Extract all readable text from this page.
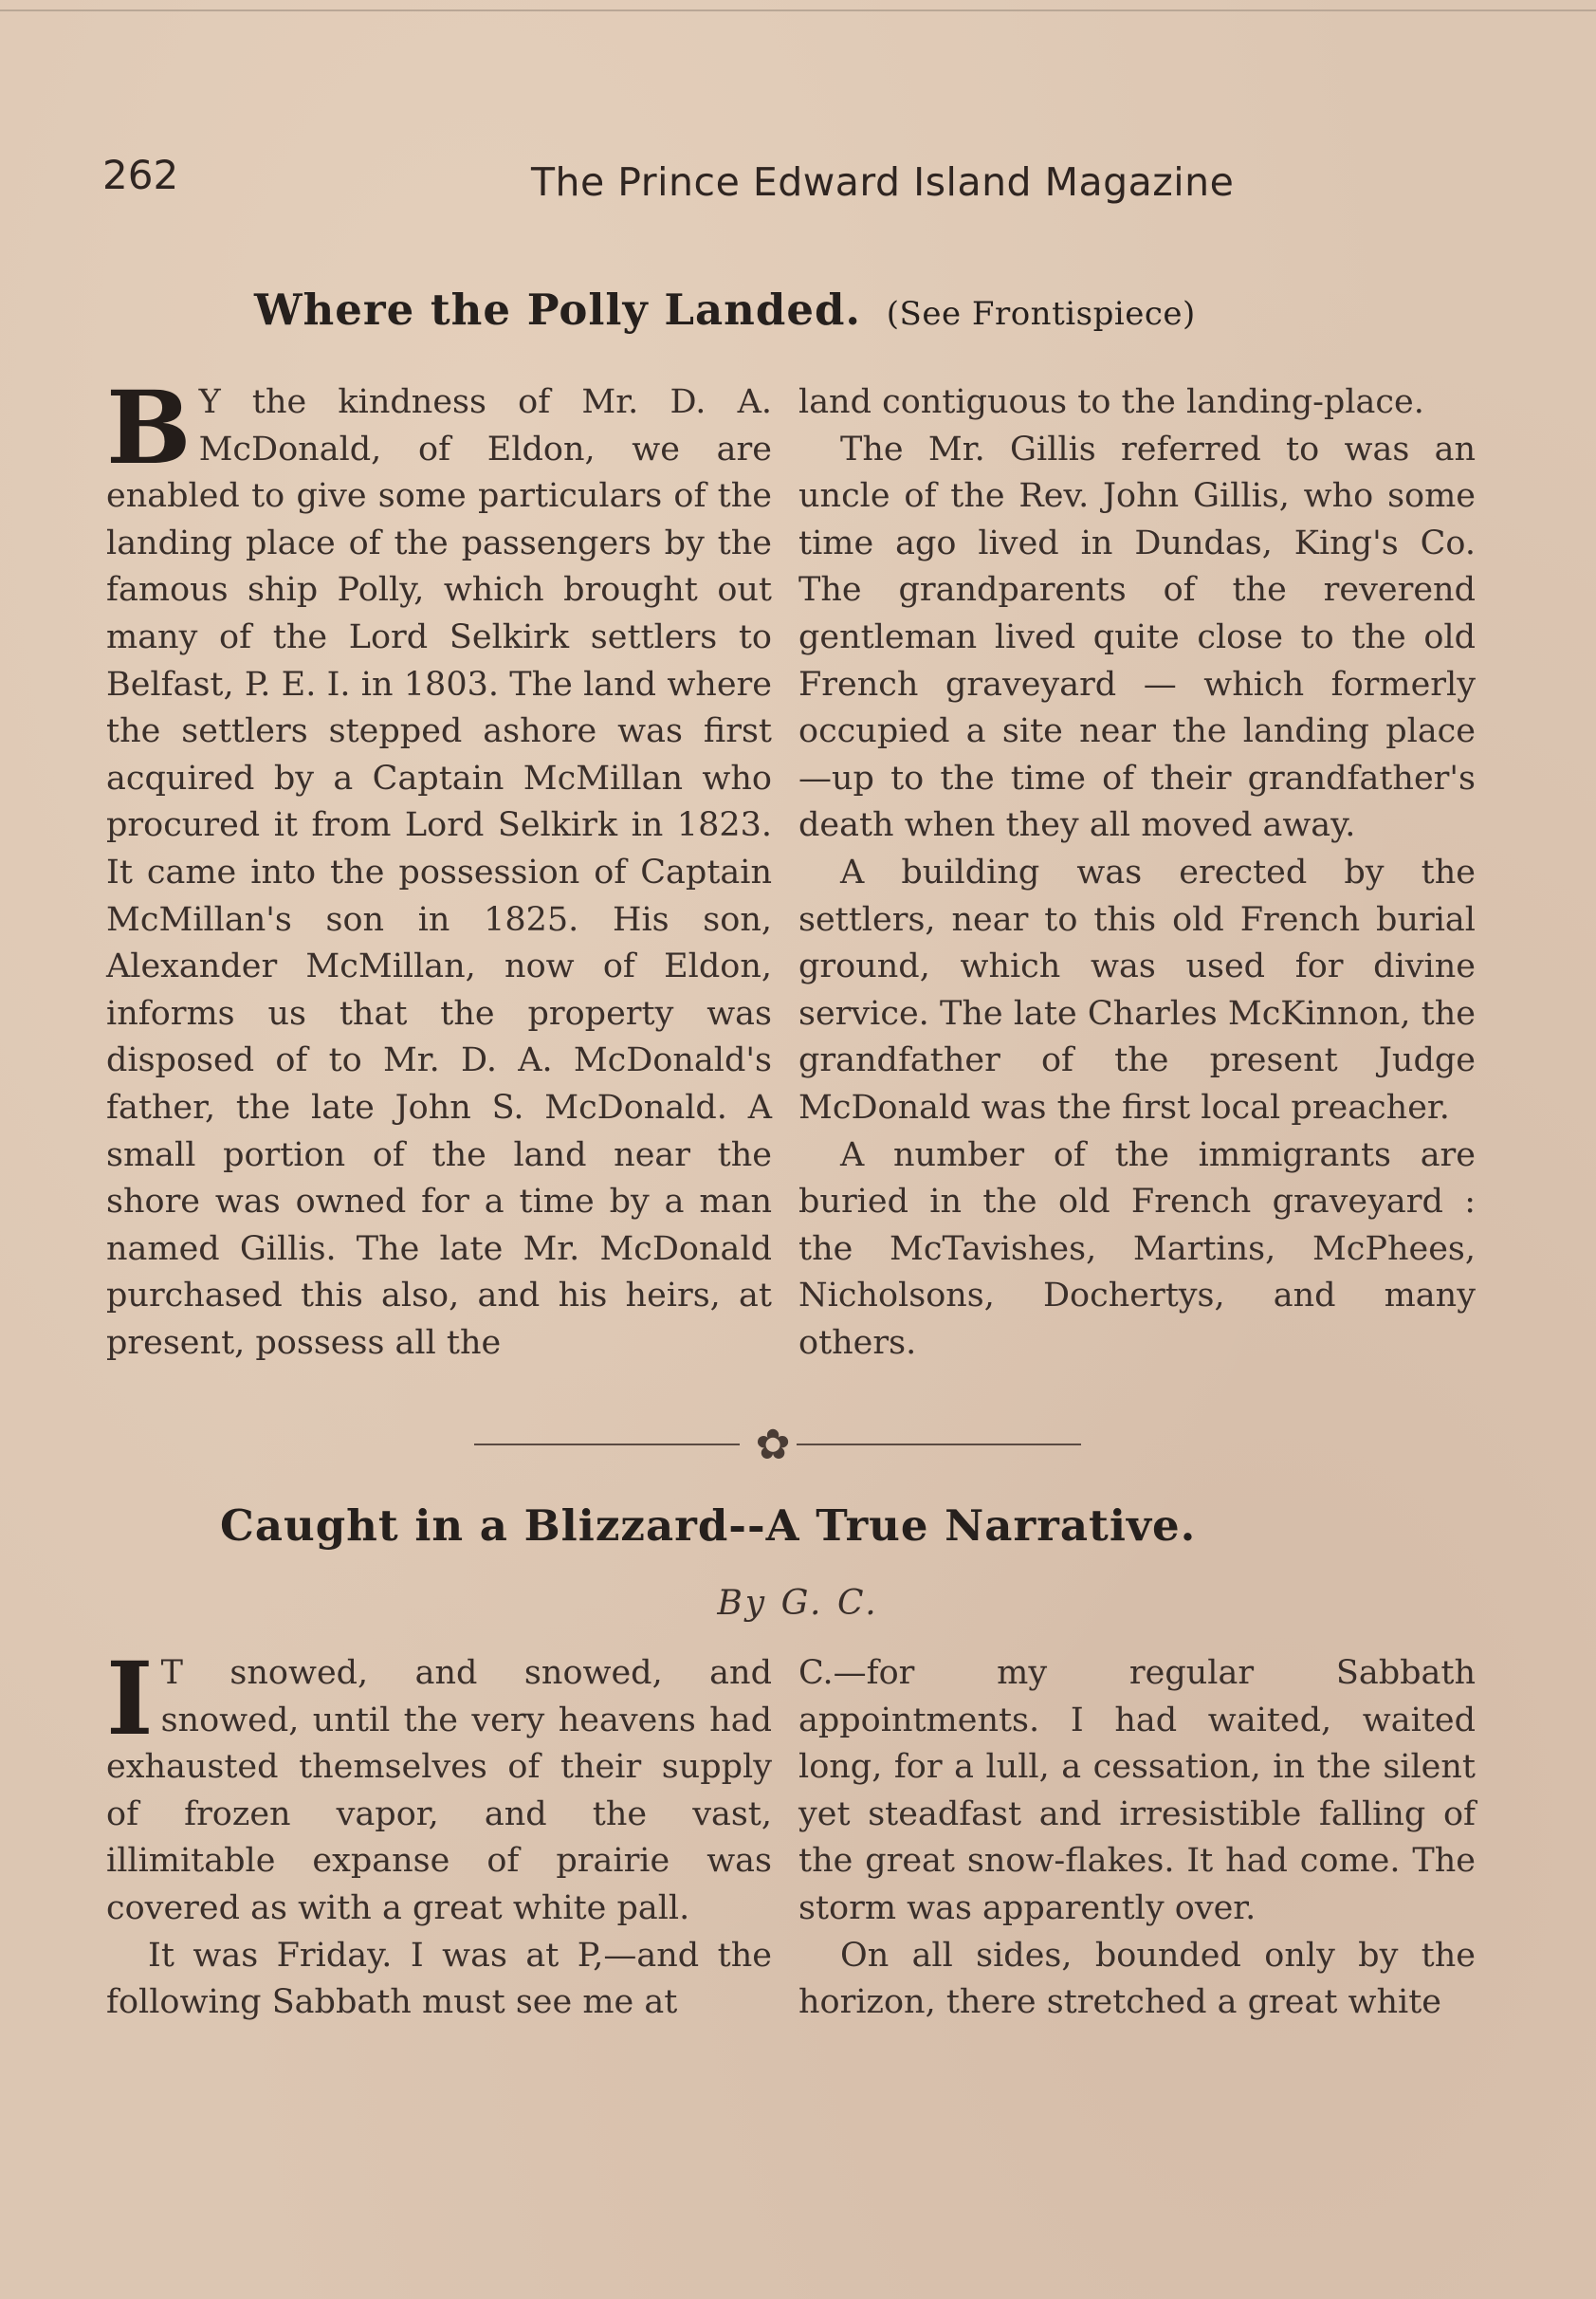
262	The Prince Edward Island Magazine
Where the Polly Landed. (See Frontispiece)

B Y the kindness of Mr. D. A. McDonald, of Eldon, we are enabled to give some particulars of the landing place of the passengers by the famous ship Polly, which brought out many of the Lord Selkirk settlers to Belfast, P. E. I. in 1803. The land where the settlers stepped ashore was first acquired by a Captain McMillan who procured it from Lord Selkirk in 1823. It came into the possession of Captain McMillan's son in 1825. His son, Alexander McMillan, now of Eldon, informs us that the property was disposed of to Mr. D. A. McDonald's father, the late John S. McDonald. A small portion of the land near the shore was owned for a time by a man named Gillis. The late Mr. McDonald purchased this also, and his heirs, at present, possess all the

land contiguous to the landing-place.

The Mr. Gillis referred to was an uncle of the Rev. John Gillis, who some time ago lived in Dundas, King's Co. The grandparents of the reverend gentleman lived quite close to the old French graveyard — which formerly occupied a site near the landing place —up to the time of their grandfather's death when they all moved away.

A building was erected by the settlers, near to this old French burial ground, which was used for divine service. The late Charles McKinnon, the grandfather of the present Judge McDonald was the first local preacher.

A number of the immigrants are buried in the old French graveyard : the McTavishes, Martins, McPhees, Nicholsons, Dochertys, and many others.

✿
Caught in a Blizzard--A True Narrative.
By G. C.

I T snowed, and snowed, and snowed, until the very heavens had exhausted themselves of their supply of frozen vapor, and the vast, illimitable expanse of prairie was covered as with a great white pall.

It was Friday. I was at P,—and the following Sabbath must see me at

C.—for my regular Sabbath appointments. I had waited, waited long, for a lull, a cessation, in the silent yet steadfast and irresistible falling of the great snow-flakes. It had come. The storm was apparently over.

On all sides, bounded only by the horizon, there stretched a great white
